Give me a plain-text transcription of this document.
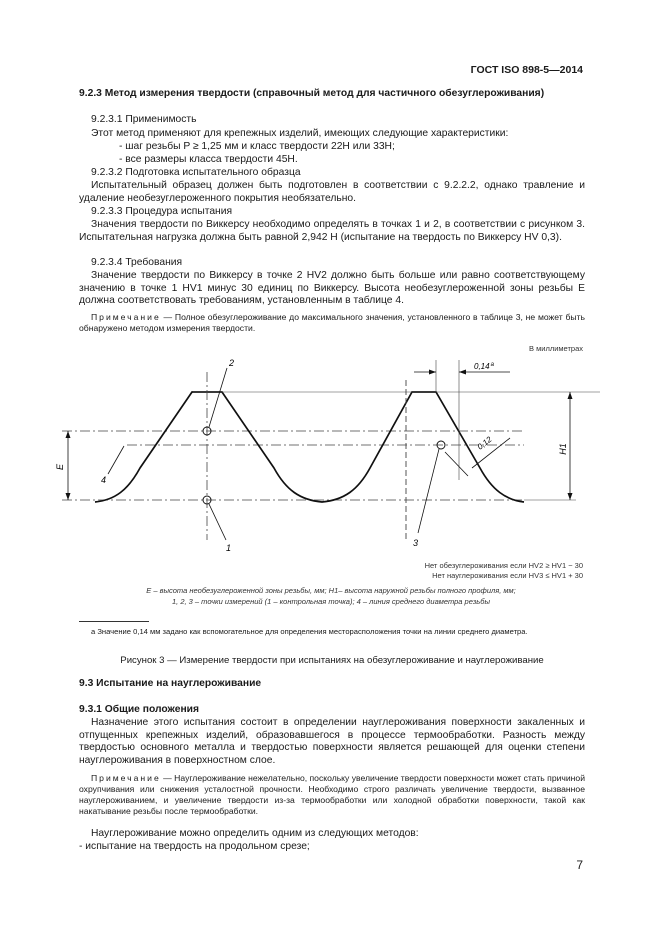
ГОСТ ISO 898-5—2014

9.2.3 Метод измерения твердости (справочный метод для частичного обезуглероживания)

9.2.3.1 Применимость

Этот метод применяют для крепежных изделий, имеющих следующие характеристики:

- шаг резьбы P ≥ 1,25 мм и класс твердости 22H или 33H;

- все размеры класса твердости 45H.

9.2.3.2 Подготовка испытательного образца

Испытательный образец должен быть подготовлен в соответствии с 9.2.2.2, однако травление и удаление необезуглероженного покрытия необязательно.

9.2.3.3 Процедура испытания

Значения твердости по Виккерсу необходимо определять в точках 1 и 2, в соответствии с рисунком 3. Испытательная нагрузка должна быть равной 2,942 Н (испытание на твердость по Виккерсу HV 0,3).

9.2.3.4 Требования

Значение твердости по Виккерсу в точке 2 HV2 должно быть больше или равно соответствующему значению в точке 1 HV1 минус 30 единиц по Виккерсу. Высота необезуглероженной зоны резьбы E должна соответствовать требованиям, установленным в таблице 4.

Примечание — Полное обезуглероживание до максимального значения, установленного в таблице 3, не может быть обнаружено методом измерения твердости.

В миллиметрах
2
1	3
4
E
H1
0,14$^a$
0,12
Нет обезуглероживания если HV2 ≥ HV1 − 30
Нет науглероживания если HV3 ≤ HV1 + 30
E – высота необезуглероженной зоны резьбы, мм; H1– высота наружной резьбы полного профиля, мм;
1, 2, 3 – точки измерений (1 – контрольная точка); 4 – линия среднего диаметра резьбы

a Значение 0,14 мм задано как вспомогательное для определения месторасположения точки на линии среднего диаметра.

Рисунок 3 — Измерение твердости при испытаниях на обезуглероживание и науглероживание

9.3 Испытание на науглероживание

9.3.1 Общие положения

Назначение этого испытания состоит в определении науглероживания поверхности закаленных и отпущенных крепежных изделий, образовавшегося в процессе термообработки. Разность между твердостью основного металла и твердостью поверхности является решающей для оценки степени науглероживания в поверхностном слое.

Примечание — Науглероживание нежелательно, поскольку увеличение твердости поверхности может стать причиной охрупчивания или снижения усталостной прочности. Необходимо строго различать увеличение твердости, вызванное науглероживанием, и увеличение твердости из-за термообработки или холодной обработки поверхности, такой как накатывание резьбы после термообработки.

Науглероживание можно определить одним из следующих методов:

- испытание на твердость на продольном срезе;

7
